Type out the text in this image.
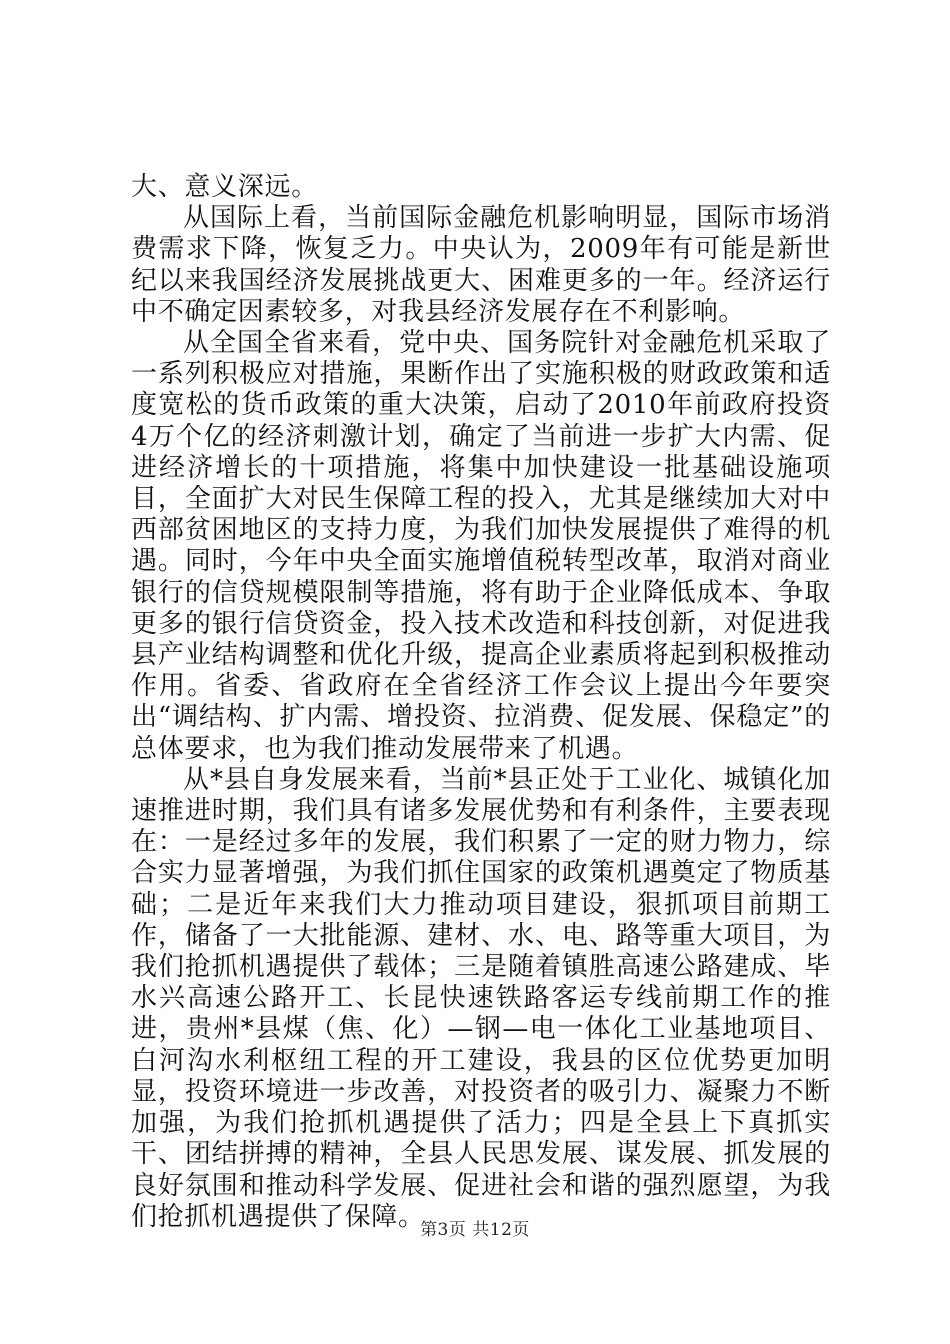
大、意义深远。

从国际上看，当前国际金融危机影响明显，国际市场消费需求下降，恢复乏力。中央认为，2009年有可能是新世纪以来我国经济发展挑战更大、困难更多的一年。经济运行中不确定因素较多，对我县经济发展存在不利影响。

从全国全省来看，党中央、国务院针对金融危机采取了一系列积极应对措施，果断作出了实施积极的财政政策和适度宽松的货币政策的重大决策，启动了2010年前政府投资4万个亿的经济刺激计划，确定了当前进一步扩大内需、促进经济增长的十项措施，将集中加快建设一批基础设施项目，全面扩大对民生保障工程的投入，尤其是继续加大对中西部贫困地区的支持力度，为我们加快发展提供了难得的机遇。同时，今年中央全面实施增值税转型改革，取消对商业银行的信贷规模限制等措施，将有助于企业降低成本、争取更多的银行信贷资金，投入技术改造和科技创新，对促进我县产业结构调整和优化升级，提高企业素质将起到积极推动作用。省委、省政府在全省经济工作会议上提出今年要突出“调结构、扩内需、增投资、拉消费、促发展、保稳定”的总体要求，也为我们推动发展带来了机遇。

从*县自身发展来看，当前*县正处于工业化、城镇化加速推进时期，我们具有诸多发展优势和有利条件，主要表现在：一是经过多年的发展，我们积累了一定的财力物力，综合实力显著增强，为我们抓住国家的政策机遇奠定了物质基础；二是近年来我们大力推动项目建设，狠抓项目前期工作，储备了一大批能源、建材、水、电、路等重大项目，为我们抢抓机遇提供了载体；三是随着镇胜高速公路建成、毕水兴高速公路开工、长昆快速铁路客运专线前期工作的推进，贵州*县煤（焦、化）—钢—电一体化工业基地项目、白河沟水利枢纽工程的开工建设，我县的区位优势更加明显，投资环境进一步改善，对投资者的吸引力、凝聚力不断加强，为我们抢抓机遇提供了活力；四是全县上下真抓实干、团结拼搏的精神，全县人民思发展、谋发展、抓发展的良好氛围和推动科学发展、促进社会和谐的强烈愿望，为我们抢抓机遇提供了保障。

第3页 共12页
